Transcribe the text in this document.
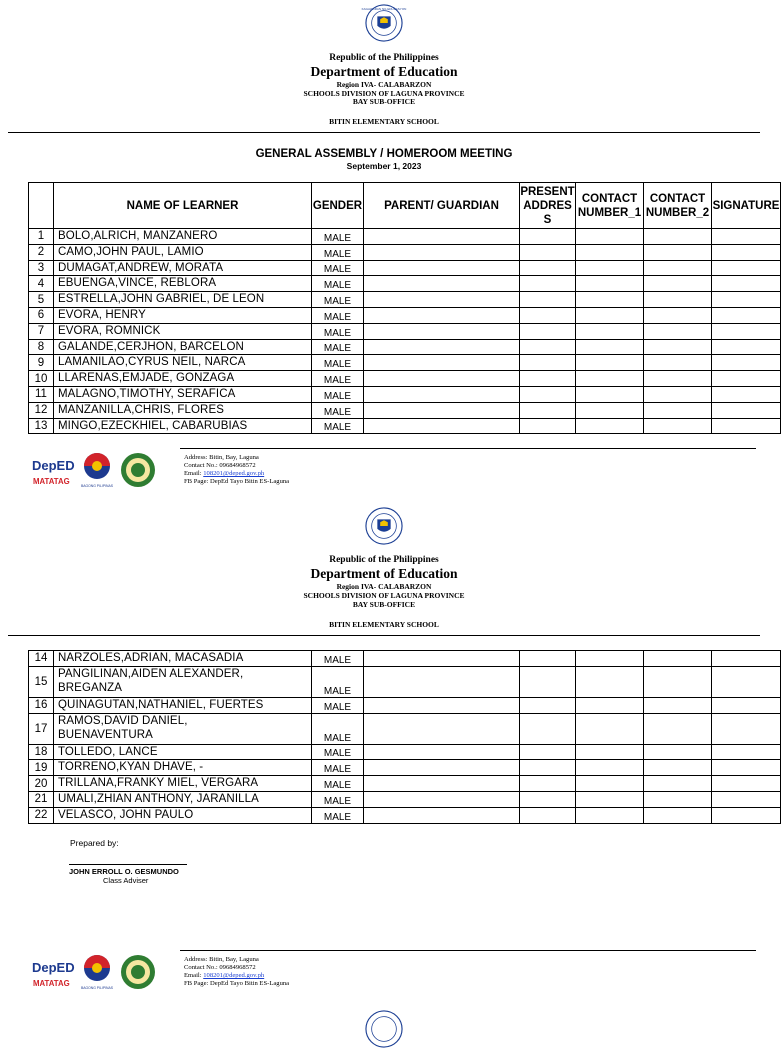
KAGAWARAN NG EDUKASYON
Republic of the Philippines
Department of Education
Region IVA- CALABARZON
SCHOOLS DIVISION OF LAGUNA PROVINCE
BAY SUB-OFFICE
BITIN ELEMENTARY SCHOOL
GENERAL ASSEMBLY / HOMEROOM MEETING
September 1, 2023
	NAME OF LEARNER	GENDER	PARENT/ GUARDIAN	PRESENT ADDRES S	CONTACT NUMBER_1	CONTACT NUMBER_2	SIGNATURE
1	BOLO,ALRICH, MANZANERO	MALE					
2	CAMO,JOHN PAUL, LAMIO	MALE					
3	DUMAGAT,ANDREW, MORATA	MALE					
4	EBUENGA,VINCE, REBLORA	MALE					
5	ESTRELLA,JOHN GABRIEL, DE LEON	MALE					
6	EVORA, HENRY	MALE					
7	EVORA, ROMNICK	MALE					
8	GALANDE,CERJHON, BARCELON	MALE					
9	LAMANILAO,CYRUS NEIL, NARCA	MALE					
10	LLARENAS,EMJADE, GONZAGA	MALE					
11	MALAGNO,TIMOTHY, SERAFICA	MALE					
12	MANZANILLA,CHRIS, FLORES	MALE					
13	MINGO,EZECKHIEL, CABARUBIAS	MALE					
DepED
MATATAG	BAGONG PILIPINAS
Address: Bitin, Bay, Laguna
Contact No.: 09684968572
Email: 108201@deped.gov.ph
FB Page: DepEd Tayo Bitin ES-Laguna
Republic of the Philippines
Department of Education
Region IVA- CALABARZON
SCHOOLS DIVISION OF LAGUNA PROVINCE
BAY SUB-OFFICE
BITIN ELEMENTARY SCHOOL
14	NARZOLES,ADRIAN, MACASADIA	MALE					
15	PANGILINAN,AIDEN ALEXANDER,
BREGANZA	MALE					
16	QUINAGUTAN,NATHANIEL, FUERTES	MALE					
17	RAMOS,DAVID DANIEL,
BUENAVENTURA	MALE					
18	TOLLEDO, LANCE	MALE					
19	TORRENO,KYAN DHAVE, -	MALE					
20	TRILLANA,FRANKY MIEL, VERGARA	MALE					
21	UMALI,ZHIAN ANTHONY, JARANILLA	MALE					
22	VELASCO, JOHN PAULO	MALE					
Prepared by:
JOHN ERROLL O. GESMUNDO
Class Adviser
DepED
MATATAG	BAGONG PILIPINAS
Address: Bitin, Bay, Laguna
Contact No.: 09684968572
Email: 108201@deped.gov.ph
FB Page: DepEd Tayo Bitin ES-Laguna
